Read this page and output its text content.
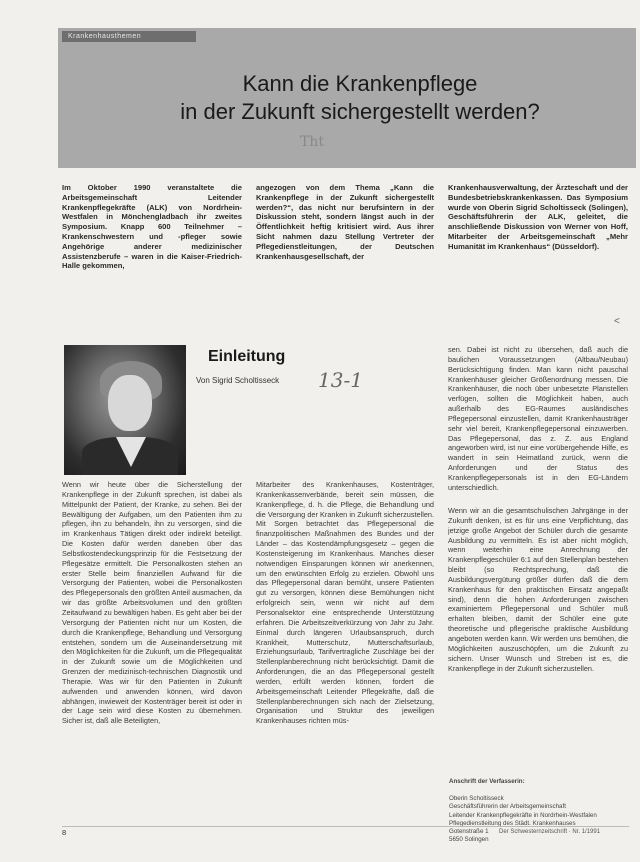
Krankenhausthemen
Kann die Krankenpflege
in der Zukunft sichergestellt werden?
Tht
Im Oktober 1990 veranstaltete die Arbeitsgemeinschaft Leitender Krankenpflegekräfte (ALK) von Nordrhein-Westfalen in Mönchengladbach ihr zweites Symposium. Knapp 600 Teilnehmer – Krankenschwestern und -pfleger sowie Angehörige anderer medizinischer Assistenzberufe – waren in die Kaiser-Friedrich-Halle gekommen,
angezogen von dem Thema „Kann die Krankenpflege in der Zukunft sichergestellt werden?“, das nicht nur berufsintern in der Diskussion steht, sondern längst auch in der Öffentlichkeit heftig kritisiert wird. Aus ihrer Sicht nahmen dazu Stellung Vertreter der Pflegedienstleitungen, der Deutschen Krankenhausgesellschaft, der
Krankenhausverwaltung, der Ärzteschaft und der Bundesbetriebskrankenkassen. Das Symposium wurde von Oberin Sigrid Scholtisseck (Solingen), Geschäftsführerin der ALK, geleitet, die anschließende Diskussion von Werner von Hoff, Mitarbeiter der Arbeitsgemeinschaft „Mehr Humanität im Krankenhaus“ (Düsseldorf).
<
Einleitung
Von Sigrid Scholtisseck 13-1
Wenn wir heute über die Sicherstellung der Krankenpflege in der Zukunft sprechen, ist dabei als Mittelpunkt der Patient, der Kranke, zu sehen. Bei der Bewältigung der Aufgaben, um den Patienten ihm zu pflegen, ihn zu behandeln, ihn zu versorgen, sind die im Krankenhaus Tätigen direkt oder indirekt beteiligt. Die Kosten dafür werden daneben über das Selbstkostendeckungsprinzip für die Festsetzung der Pflegesätze ermittelt. Die Personalkosten stehen an erster Stelle beim finanziellen Aufwand für die Versorgung der Patienten, wobei die Personalkosten des Pflegepersonals den größten Anteil ausmachen, da wir das größte Arbeitsvolumen und den größten Zeitaufwand zu bewältigen haben. Es geht aber bei der Versorgung der Patienten nicht nur um Kosten, die durch die Krankenpflege, Behandlung und Versorgung entstehen, sondern um die Auseinandersetzung mit den Möglichkeiten für die Zukunft, um die Pflegequalität in der Zukunft sowie um die Möglichkeiten und Grenzen der medizinisch-technischen Diagnostik und Therapie. Was wir für den Patienten in Zukunft aufwenden und anwenden können, wird davon abhängen, inwieweit der Kostenträger bereit ist oder in der Lage sein wird diese Kosten zu übernehmen. Sicher ist, daß alle Beteiligten,
Mitarbeiter des Krankenhauses, Kostenträger, Krankenkassenverbände, bereit sein müssen, die Krankenpflege, d. h. die Pflege, die Behandlung und die Versorgung der Kranken in Zukunft sicherzustellen. Mit Sorgen betrachtet das Pflegepersonal die finanzpolitischen Maßnahmen des Bundes und der Länder – das Kostendämpfungsgesetz – gegen die Kostensteigerung im Krankenhaus. Manches dieser notwendigen Einsparungen können wir anerkennen, um den erwünschten Erfolg zu erzielen. Obwohl uns das Pflegepersonal daran bemüht, unsere Patienten gut zu versorgen, können diese Bemühungen nicht erfolgreich sein, wenn wir nicht auf dem Personalsektor eine entsprechende Unterstützung erfahren. Die Arbeitszeitverkürzung von Jahr zu Jahr. Einmal durch längeren Urlaubsanspruch, durch Krankheit, Mutterschutz, Mutterschaftsurlaub, Erziehungsurlaub, Tarifvertragliche Zuschläge bei der Stellenplanberechnung nicht berücksichtigt. Damit die Anforderungen, die an das Pflegepersonal gestellt werden, erfüllt werden können, fordert die Arbeitsgemeinschaft Leitender Pflegekräfte, daß die Stellenplanberechnungen sich nach der Zielsetzung, Organisation und Struktur des jeweiligen Krankenhauses richten müs-
sen. Dabei ist nicht zu übersehen, daß auch die baulichen Voraussetzungen (Altbau/Neubau) Berücksichtigung finden. Man kann nicht pauschal Krankenhäuser gleicher Größenordnung messen. Die Krankenhäuser, die noch über unbesetzte Planstellen verfügen, sollten die Möglichkeit haben, auch außerhalb des EG-Raumes ausländisches Pflegepersonal einzustellen, damit Krankenhausträger sehr viel bereit, Krankenpflegepersonal einzuwerben. Das Pflegepersonal, das z. Z. aus England angeworben wird, ist nur eine vorübergehende Hilfe, es wandert in sein Heimatland zurück, wenn die Anforderungen und der Status des Krankenpflegepersonals ist in den EG-Ländern unterschiedlich.
Wenn wir an die gesamtschulischen Jahrgänge in der Zukunft denken, ist es für uns eine Verpflichtung, das jetzige große Angebot der Schüler durch die gesamte Ausbildung zu vermitteln. Es ist aber nicht möglich, wenn weiterhin eine Anrechnung der Krankenpflegeschüler 6:1 auf den Stellenplan bestehen bleibt (so Rechtsprechung, daß die Ausbildungsvergütung größer dürfen daß die dem Krankenhaus für den praktischen Einsatz angepaßt sind), denn die hohen Anforderungen zwischen examiniertem Pflegepersonal und Schüler muß erhalten bleiben, damit der Schüler eine gute theoretische und pflegerische praktische Ausbildung angeboten werden kann. Wir werden uns bemühen, die Möglichkeiten auszuschöpfen, um die Zukunft zu sichern. Unser Wunsch und Streben ist es, die Krankenpflege in der Zukunft sicherzustellen.
Anschrift der Verfasserin:
Oberin Scholtisseck
Geschäftsführerin der Arbeitsgemeinschaft
Leitender Krankenpflegekräfte in Nordrhein-Westfalen
Pflegedienstleitung des Städt. Krankenhauses
Gotenstraße 1
5650 Solingen
8	Der Schwesternzeitschrift · Nr. 1/1991
